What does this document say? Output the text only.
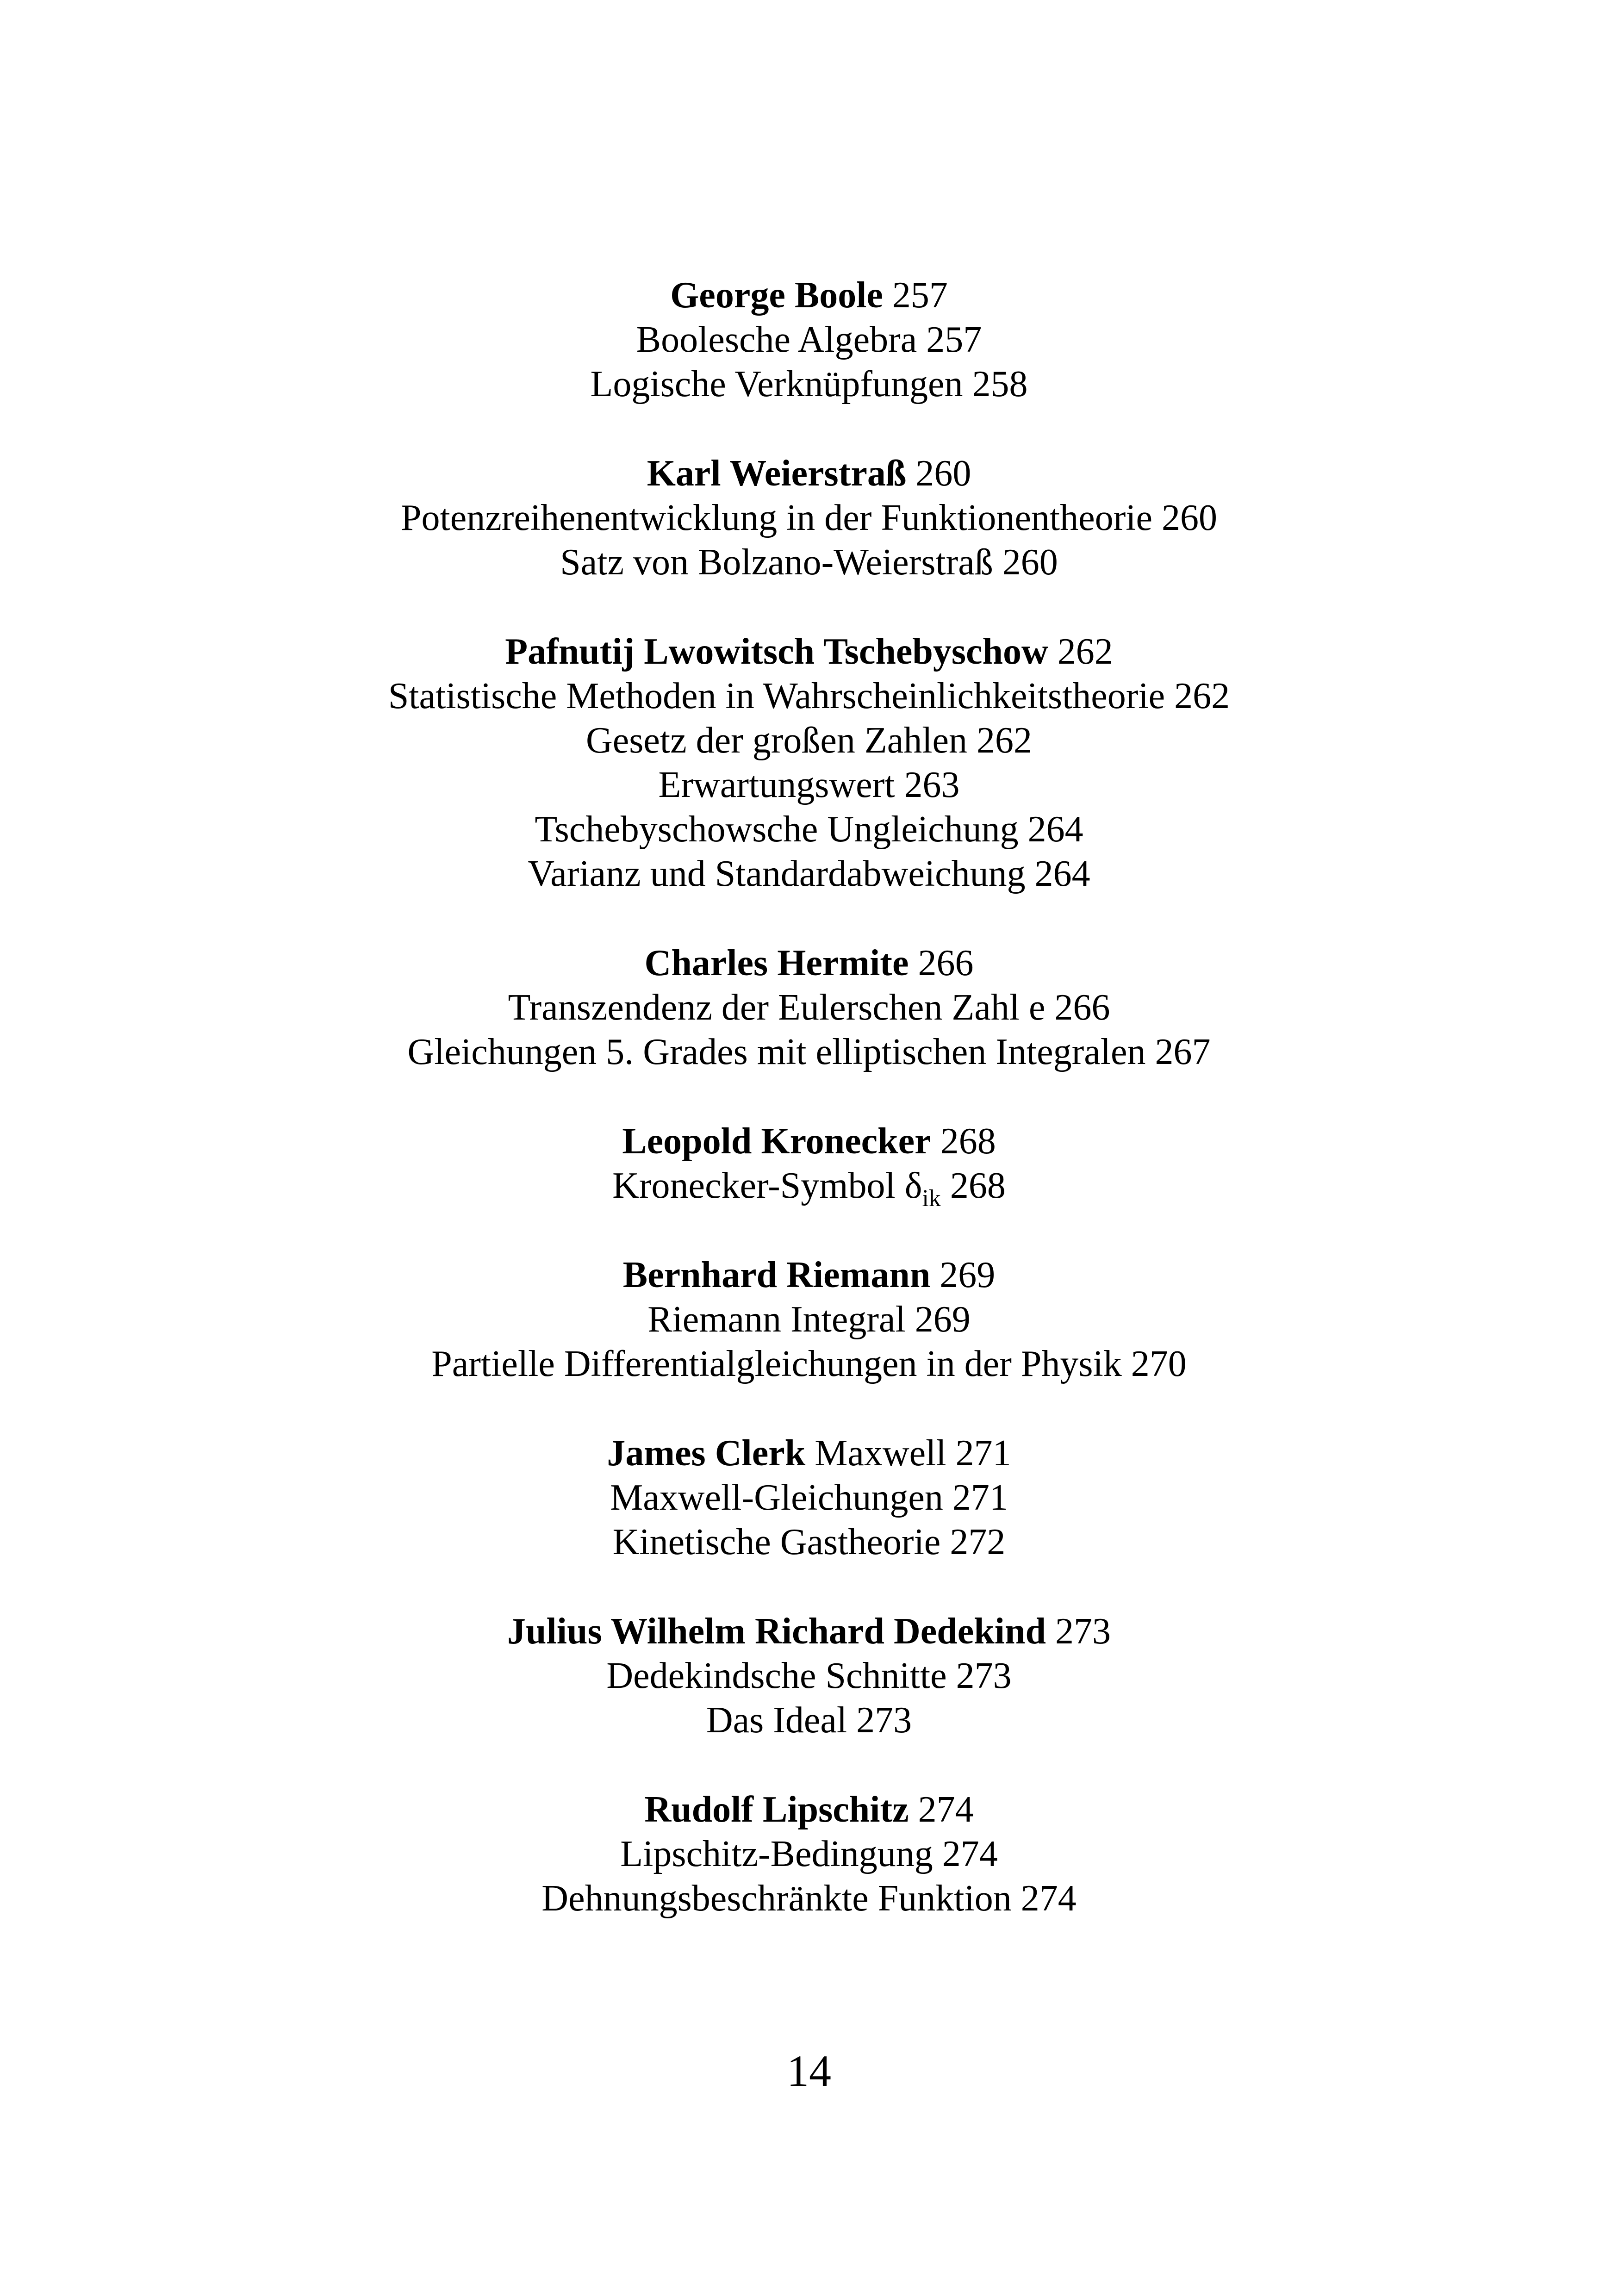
George Boole 257
Boolesche Algebra 257
Logische Verknüpfungen 258
Karl Weierstraß 260
Potenzreihenentwicklung in der Funktionentheorie 260
Satz von Bolzano-Weierstraß 260
Pafnutij Lwowitsch Tschebyschow 262
Statistische Methoden in Wahrscheinlichkeitstheorie 262
Gesetz der großen Zahlen 262
Erwartungswert 263
Tschebyschowsche Ungleichung 264
Varianz und Standardabweichung 264
Charles Hermite 266
Transzendenz der Eulerschen Zahl e 266
Gleichungen 5. Grades mit elliptischen Integralen 267
Leopold Kronecker 268
Kronecker-Symbol $\delta_{ik}$ 268
Bernhard Riemann 269
Riemann Integral 269
Partielle Differentialgleichungen in der Physik 270
James Clerk Maxwell 271
Maxwell-Gleichungen 271
Kinetische Gastheorie 272
Julius Wilhelm Richard Dedekind 273
Dedekindsche Schnitte 273
Das Ideal 273
Rudolf Lipschitz 274
Lipschitz-Bedingung 274
Dehnungsbeschränkte Funktion 274
14
